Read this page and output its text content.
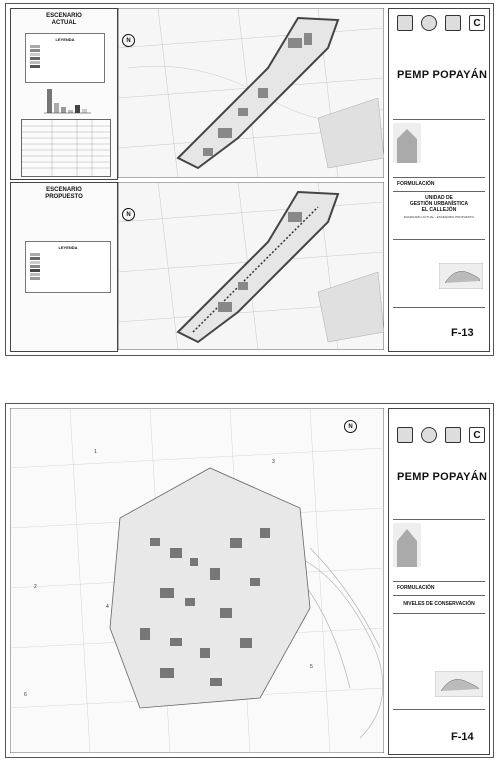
ESCENARIO
ACTUAL
LEYENDA
ESCENARIO
PROPUESTO
LEYENDA
N
N
C
PEMP POPAYÁN
FORMULACIÓN
UNIDAD DE
GESTIÓN URBANÍSTICA
EL CALLEJÓN
ESCENARIO ACTUAL - ESCENARIO PROPUESTO
F-13
1
2
3
4
5
6
N
C
PEMP POPAYÁN
FORMULACIÓN
NIVELES DE CONSERVACIÓN
F-14
